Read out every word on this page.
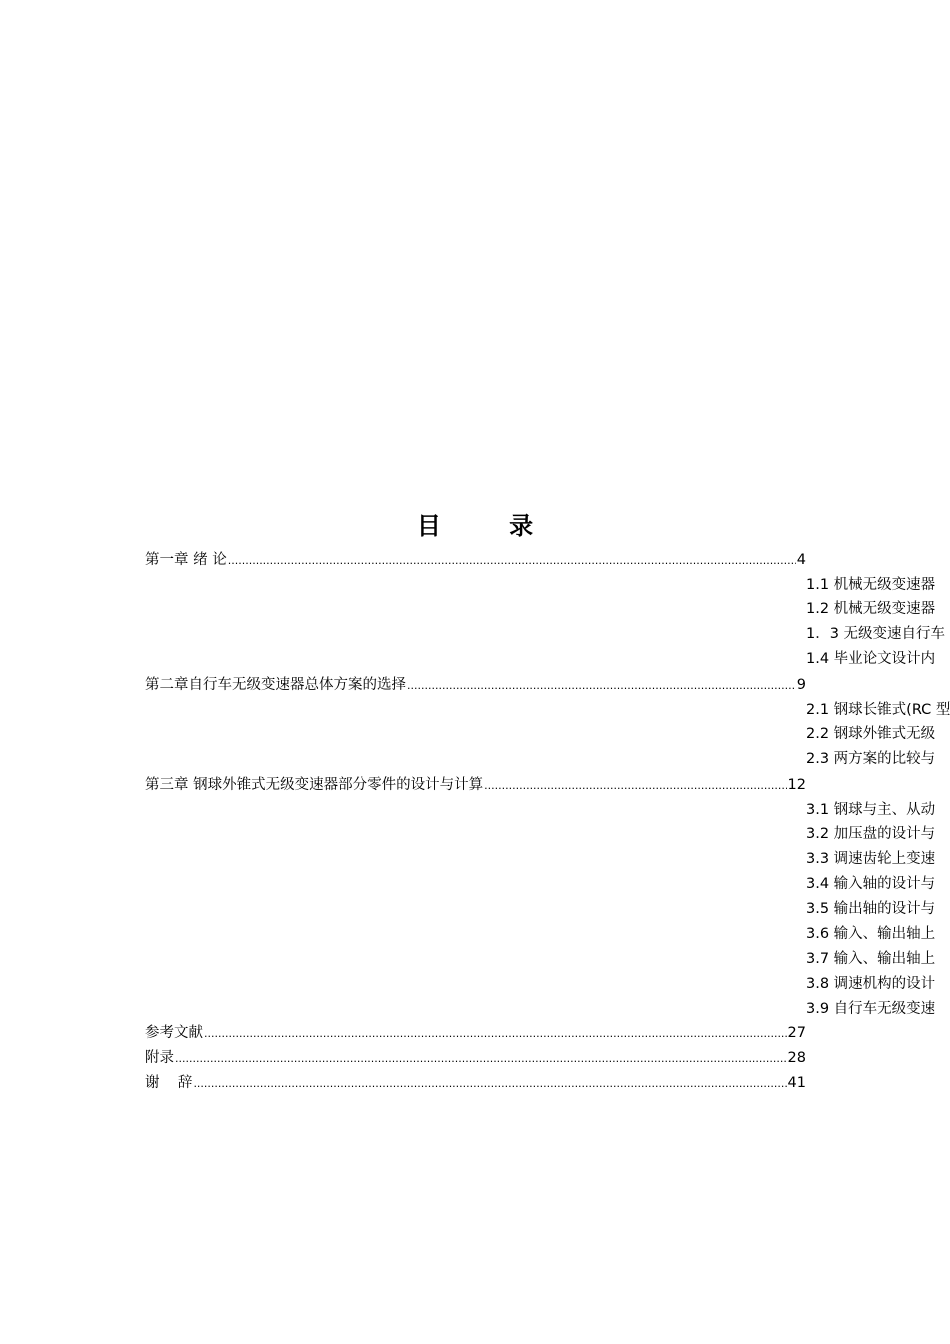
目 录
第一章 绪 论 .....	4
1.1 机械无级变速器
1.2 机械无级变速器
1．3 无级变速自行车
1.4 毕业论文设计内
第二章自行车无级变速器总体方案的选择 .....	9
2.1 钢球长锥式(RC 型
2.2 钢球外锥式无级
2.3 两方案的比较与
第三章 钢球外锥式无级变速器部分零件的设计与计算 .....	12
3.1 钢球与主、从动
3.2 加压盘的设计与
3.3 调速齿轮上变速
3.4 输入轴的设计与
3.5 输出轴的设计与
3.6 输入、输出轴上
3.7 输入、输出轴上
3.8 调速机构的设计
3.9 自行车无级变速
参考文献 .....	27
附录 .....	28
谢    辞 .....	41
